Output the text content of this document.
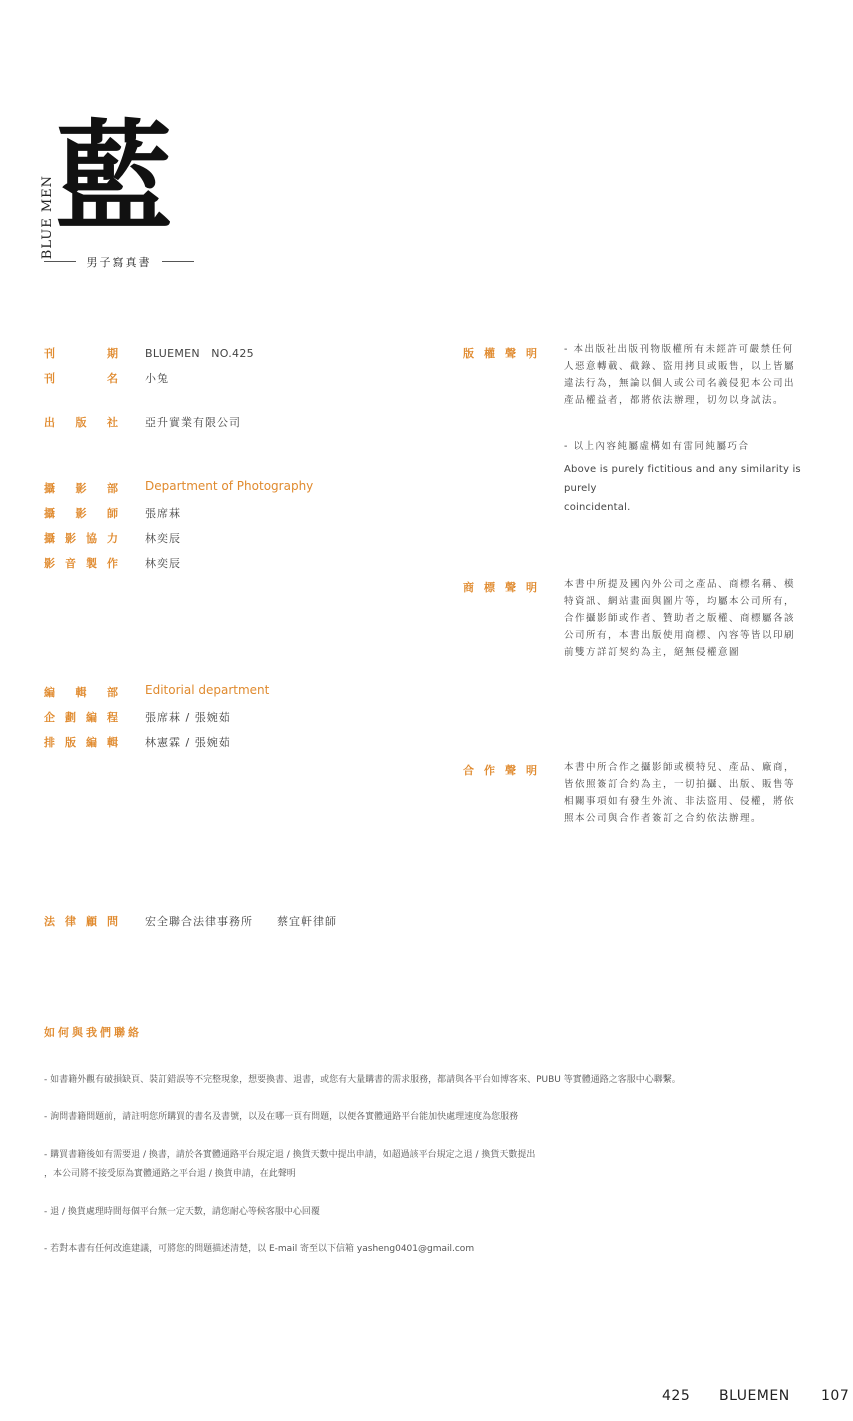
BLUE MEN 藍
男子寫真書
刊	期 BLUEMEN　NO.425
刊	名 小兔
出 版 社 亞升實業有限公司
攝 影 部 Department of Photography
攝 影 師 張席菻
攝 影 協 力 林奕辰
影 音 製 作 林奕辰
編 輯 部 Editorial department
企 劃 編 程 張席菻 / 張婉茹
排 版 編 輯 林憲霖 / 張婉茹
法 律 顧 問 宏全聯合法律事務所　　蔡宜軒律師
版 權 聲 明	- 本出版社出版刊物版權所有未經許可嚴禁任何
人惡意轉載、截錄、盜用拷貝或販售，以上皆屬
違法行為，無論以個人或公司名義侵犯本公司出
產品權益者，都將依法辦理，切勿以身試法。
- 以上內容純屬虛構如有雷同純屬巧合
Above is purely fictitious and any similarity is purely
coincidental.
商 標 聲 明	本書中所提及國內外公司之產品、商標名稱、模
特資訊、網站畫面與圖片等，均屬本公司所有，
合作攝影師或作者、贊助者之版權、商標屬各該
公司所有，本書出版使用商標、內容等皆以印刷
前雙方詳訂契約為主，絕無侵權意圖
合 作 聲 明	本書中所合作之攝影師或模特兒、產品、廠商，
皆依照簽訂合約為主，一切拍攝、出版、販售等
相關事項如有發生外流、非法盜用、侵權，將依
照本公司與合作者簽訂之合約依法辦理。
如何與我們聯絡
- 如書籍外觀有破損缺頁、裝訂錯誤等不完整現象，想要換書、退書，或您有大量購書的需求服務，都請與各平台如博客來、PUBU 等實體通路之客服中心聯繫。
- 詢問書籍問題前，請註明您所購買的書名及書號，以及在哪一頁有問題，以便各實體通路平台能加快處理速度為您服務
- 購買書籍後如有需要退 / 換書，請於各實體通路平台規定退 / 換貨天數中提出申請，如超過該平台規定之退 / 換貨天數提出
，本公司將不接受原為實體通路之平台退 / 換貨申請，在此聲明
- 退 / 換貨處理時間每個平台無一定天數，請您耐心等候客服中心回覆
- 若對本書有任何改進建議，可將您的問題描述清楚，以 E-mail 寄至以下信箱 yasheng0401@gmail.com
425 BLUEMEN 107
